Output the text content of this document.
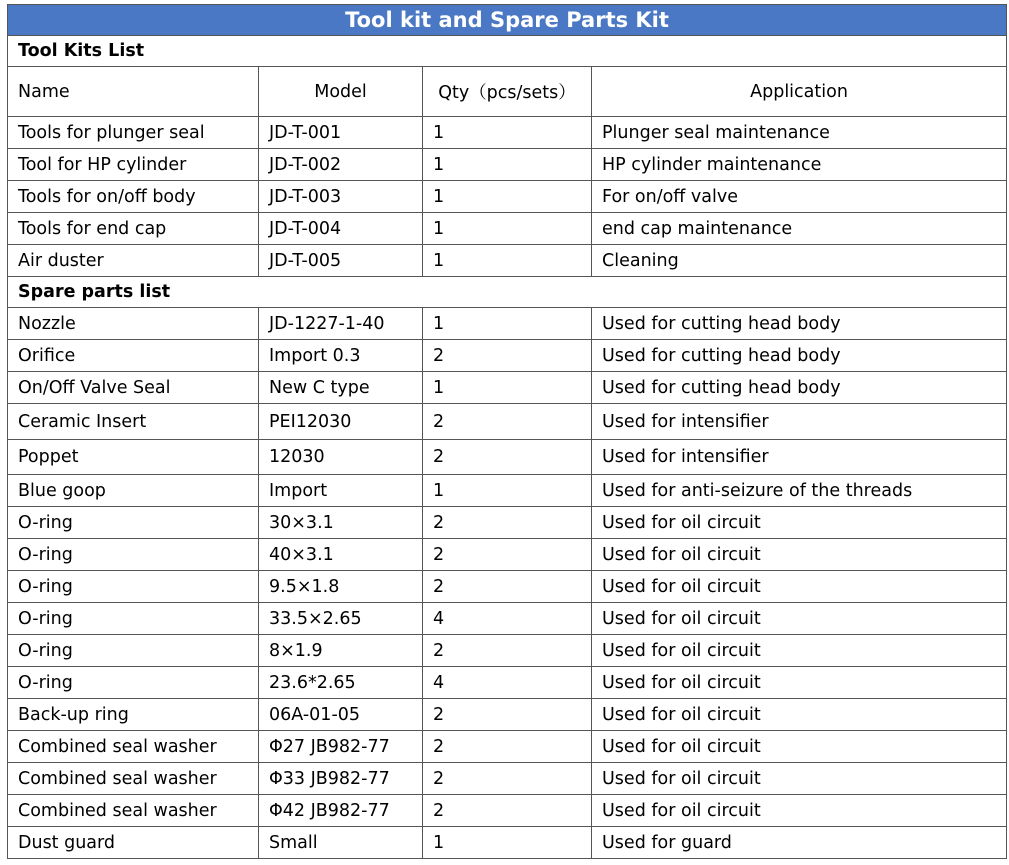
Tool kit and Spare Parts Kit			
Tool Kits List			
Name	Model	Qty（pcs/sets）	Application
Tools for plunger seal	JD-T-001	1	Plunger seal maintenance
Tool for HP cylinder	JD-T-002	1	HP cylinder maintenance
Tools for on/off body	JD-T-003	1	For on/off valve
Tools for end cap	JD-T-004	1	end cap maintenance
Air duster	JD-T-005	1	Cleaning
Spare parts list			
Nozzle	JD-1227-1-40	1	Used for cutting head body
Orifice	Import 0.3	2	Used for cutting head body
On/Off Valve Seal	New C type	1	Used for cutting head body
Ceramic Insert	PEI12030	2	Used for intensifier
Poppet	12030	2	Used for intensifier
Blue goop	Import	1	Used for anti-seizure of the threads
O-ring	30×3.1	2	Used for oil circuit
O-ring	40×3.1	2	Used for oil circuit
O-ring	9.5×1.8	2	Used for oil circuit
O-ring	33.5×2.65	4	Used for oil circuit
O-ring	8×1.9	2	Used for oil circuit
O-ring	23.6*2.65	4	Used for oil circuit
Back-up ring	06A-01-05	2	Used for oil circuit
Combined seal washer	Φ27 JB982-77	2	Used for oil circuit
Combined seal washer	Φ33 JB982-77	2	Used for oil circuit
Combined seal washer	Φ42 JB982-77	2	Used for oil circuit
Dust guard	Small	1	Used for guard
